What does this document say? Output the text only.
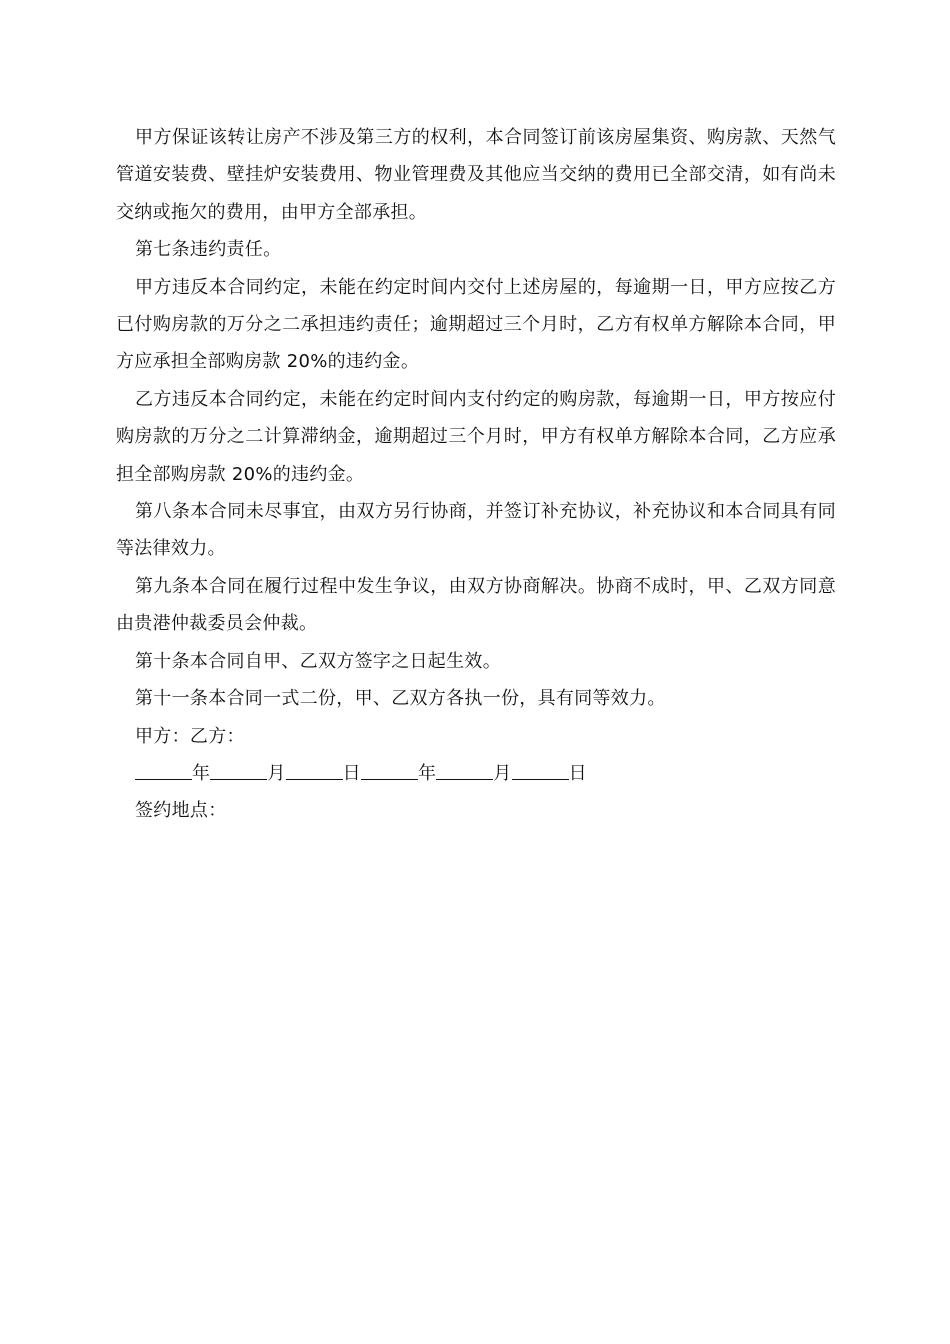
甲方保证该转让房产不涉及第三方的权利，本合同签订前该房屋集资、购房款、天然气管道安装费、壁挂炉安装费用、物业管理费及其他应当交纳的费用已全部交清，如有尚未交纳或拖欠的费用，由甲方全部承担。

第七条违约责任。

甲方违反本合同约定，未能在约定时间内交付上述房屋的，每逾期一日，甲方应按乙方已付购房款的万分之二承担违约责任；逾期超过三个月时，乙方有权单方解除本合同，甲方应承担全部购房款 20%的违约金。

乙方违反本合同约定，未能在约定时间内支付约定的购房款，每逾期一日，甲方按应付购房款的万分之二计算滞纳金，逾期超过三个月时，甲方有权单方解除本合同，乙方应承担全部购房款 20%的违约金。

第八条本合同未尽事宜，由双方另行协商，并签订补充协议，补充协议和本合同具有同等法律效力。

第九条本合同在履行过程中发生争议，由双方协商解决。协商不成时，甲、乙双方同意由贵港仲裁委员会仲裁。

第十条本合同自甲、乙双方签字之日起生效。

第十一条本合同一式二份，甲、乙双方各执一份，具有同等效力。

甲方：乙方：

年	月	日	年	月	日

签约地点：
